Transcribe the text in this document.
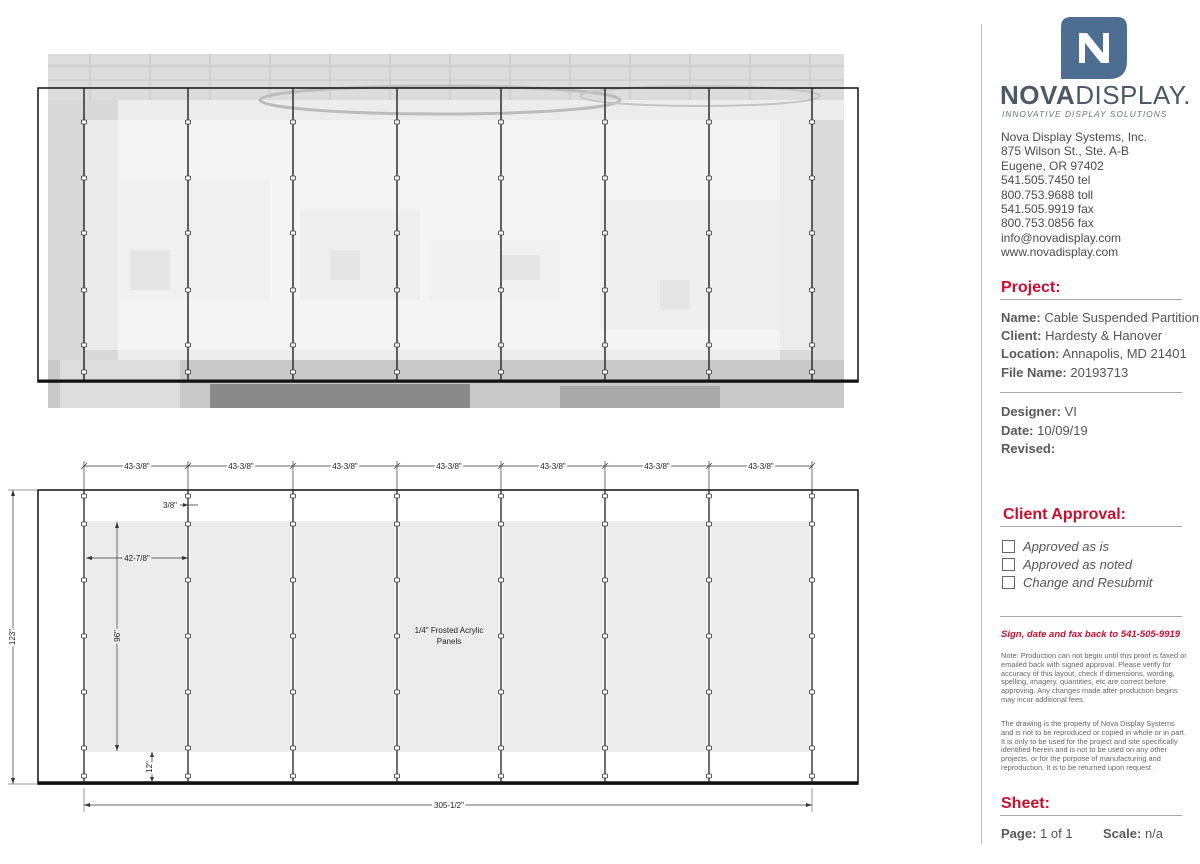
43-3/8"	43-3/8"	43-3/8"	43-3/8"	43-3/8"	43-3/8"	43-3/8"
3/8"
42-7/8"
96"
12"
123"
305-1/2"
1/4" Frosted Acrylic
Panels
NOVADISPLAY.
INNOVATIVE DISPLAY SOLUTIONS
Nova Display Systems, Inc.
875 Wilson St., Ste. A-B
Eugene, OR 97402
541.505.7450 tel
800.753.9688 toll
541.505.9919 fax
800.753.0856 fax
info@novadisplay.com
www.novadisplay.com
Project:
Name: Cable Suspended Partition
Client: Hardesty & Hanover
Location: Annapolis, MD 21401
File Name: 20193713
Designer: VI
Date: 10/09/19
Revised:
Client Approval:
Approved as is
Approved as noted
Change and Resubmit
Sign, date and fax back to 541-505-9919
Note: Production can not begin until this proof is faxed or emailed back with signed approval. Please verify for accuracy of this layout, check if dimensions, wording, spelling, imagery, quantities, etc are correct before approving. Any changes made after production begins may incur additional fees.
The drawing is the property of Nova Display Systems and is not to be reproduced or copied in whole or in part. It is only to be used for the project and site specifically identified herein and is not to be used on any other projects, or for the purpose of manufacturing and reproduction. It is to be returned upon request.
Sheet:
Page: 1 of 1 Scale: n/a
